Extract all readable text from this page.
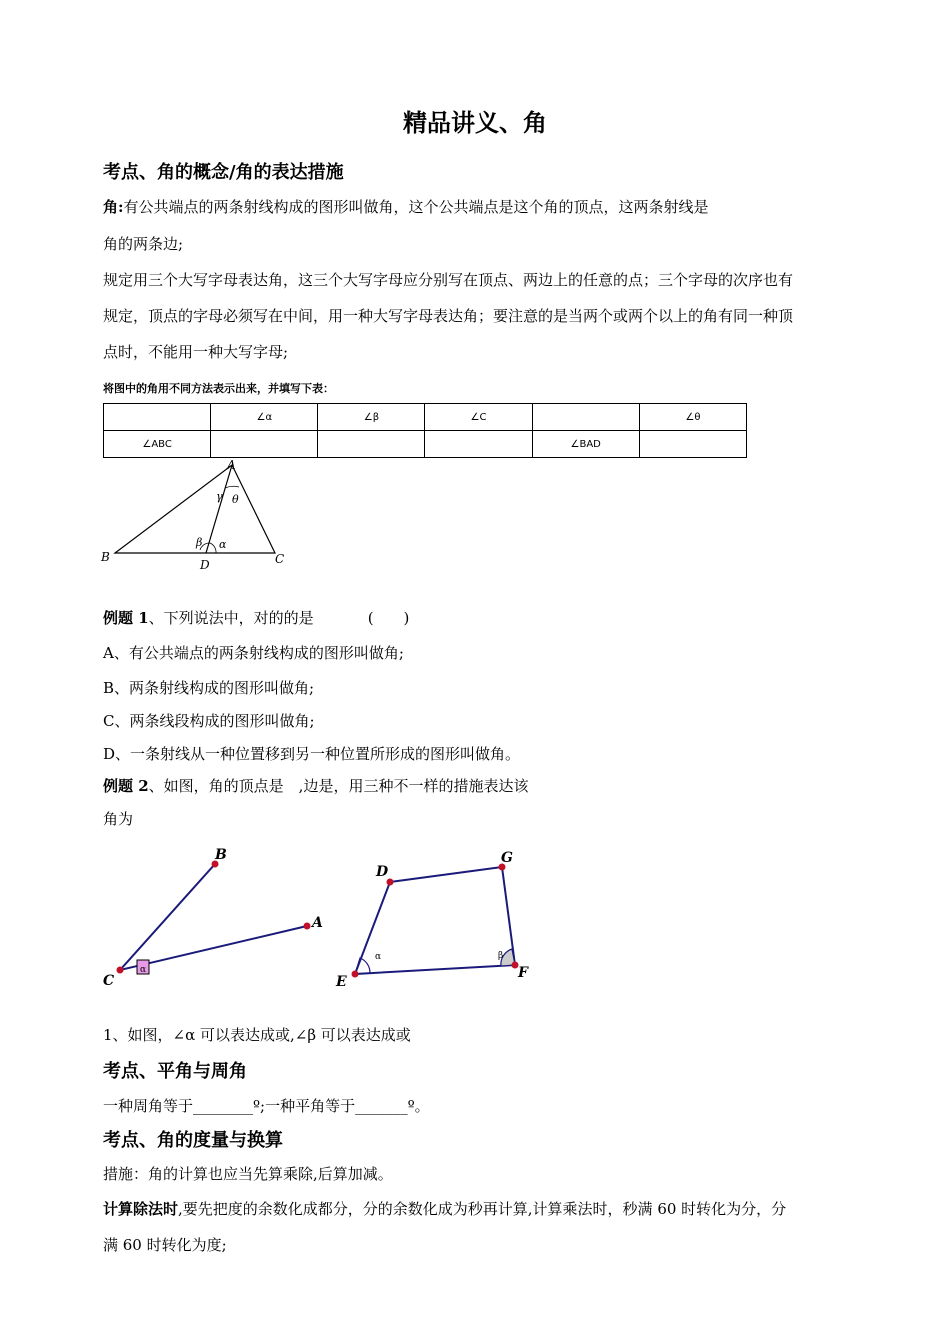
精品讲义、角
考点、角的概念/角的表达措施
角:有公共端点的两条射线构成的图形叫做角，这个公共端点是这个角的顶点，这两条射线是
角的两条边;
规定用三个大写字母表达角，这三个大写字母应分别写在顶点、两边上的任意的点；三个字母的次序也有
规定，顶点的字母必须写在中间，用一种大写字母表达角；要注意的是当两个或两个以上的角有同一种顶
点时，不能用一种大写字母;
将图中的角用不同方法表示出来，并填写下表：
	∠α	∠β	∠C		∠θ
∠ABC				∠BAD	
A
B	C
D
γ θ
β α
例题 1、下列说法中，对的的是	(　　)
A、有公共端点的两条射线构成的图形叫做角;
B、两条射线构成的图形叫做角;
C、两条线段构成的图形叫做角;
D、一条射线从一种位置移到另一种位置所形成的图形叫做角。
例题 2、如图，角的顶点是　,边是，用三种不一样的措施表达该
角为
α
B
A
C
D
G
F
E
α	β
1、如图，∠α 可以表达成或,∠β 可以表达成或
考点、平角与周角
一种周角等于________º;一种平角等于_______º。
考点、角的度量与换算
措施：角的计算也应当先算乘除,后算加减。
计算除法时,要先把度的余数化成都分，分的余数化成为秒再计算,计算乘法时，秒满 60 时转化为分，分
满 60 时转化为度;
